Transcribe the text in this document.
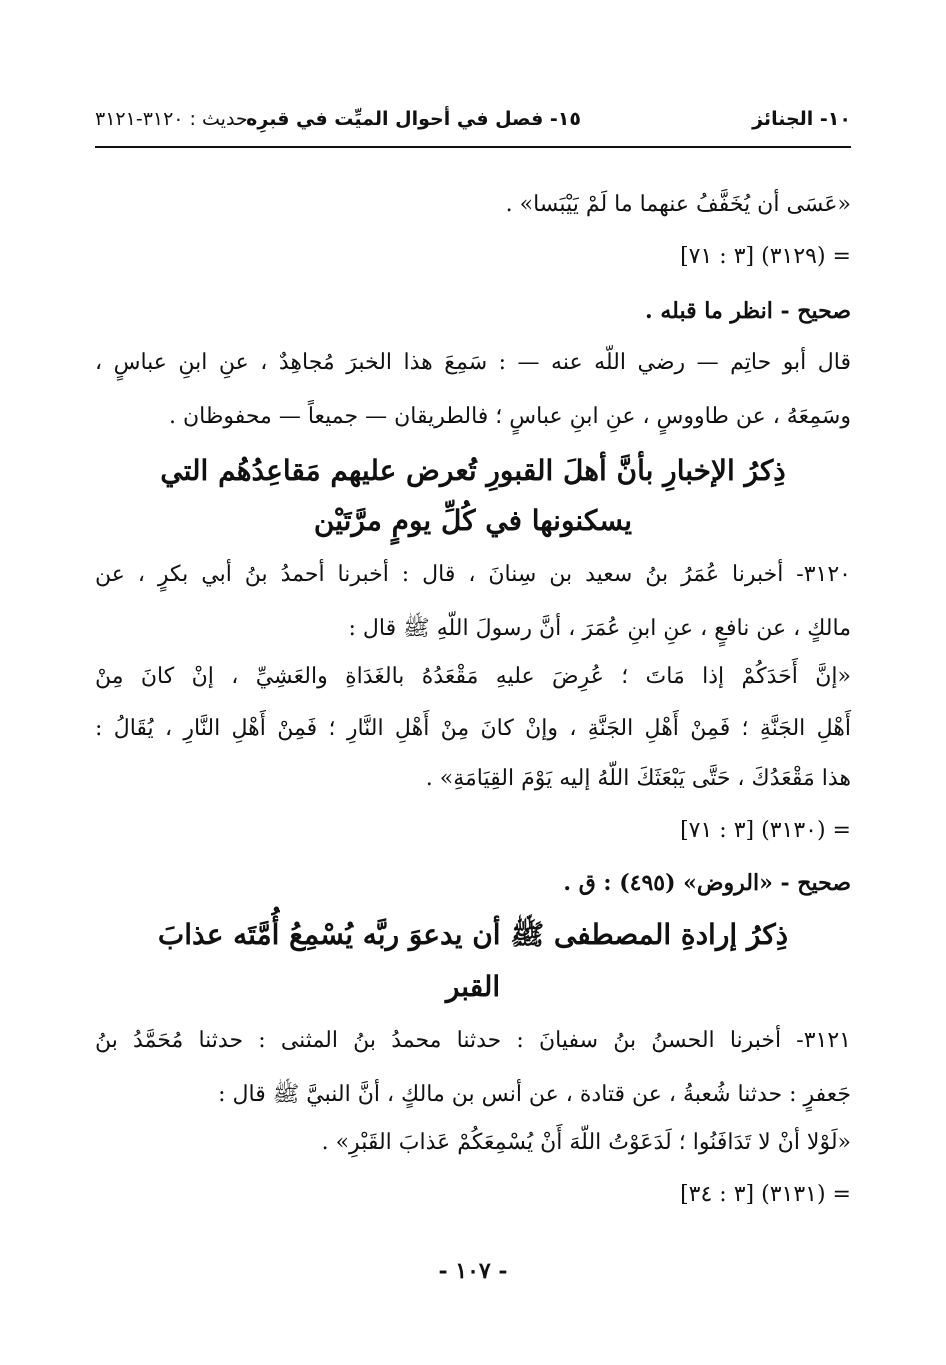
١٠- الجنائز
١٥- فصل في أحوال الميِّت في قبرِه
حديث : ٣١٢٠-٣١٢١
«عَسَى أن يُخَفَّفُ عنهما ما لَمْ يَيْبَسا» .
= (٣١٢٩) [٣ : ٧١]
صحيح - انظر ما قبله .
قال أبو حاتِم — رضي اللّه عنه — : سَمِعَ هذا الخبرَ مُجاهِدٌ ، عنِ ابنِ عباسٍ ،
وسَمِعَهُ ، عن طاووسٍ ، عنِ ابنِ عباسٍ ؛ فالطريقان — جميعاً — محفوظان .
ذِكرُ الإخبارِ بأنَّ أهلَ القبورِ تُعرض عليهم مَقاعِدُهُم التي
يسكنونها في كُلِّ يومٍ مرَّتَيْن
٣١٢٠- أخبرنا عُمَرُ بنُ سعيد بن سِنانَ ، قال : أخبرنا أحمدُ بنُ أبي بكرٍ ، عن
مالكٍ ، عن نافعٍ ، عنِ ابنِ عُمَرَ ، أنَّ رسولَ اللّهِ ﷺ قال :
«إنَّ أَحَدَكُمْ إذا مَاتَ ؛ عُرِضَ عليهِ مَقْعَدُهُ بالغَدَاةِ والعَشِيِّ ، إنْ كانَ مِنْ
أَهْلِ الجَنَّةِ ؛ فَمِنْ أَهْلِ الجَنَّةِ ، وإنْ كانَ مِنْ أَهْلِ النَّارِ ؛ فَمِنْ أَهْلِ النَّارِ ، يُقَالُ :
هذا مَقْعَدُكَ ، حَتَّى يَبْعَثَكَ اللّهُ إليه يَوْمَ القِيَامَةِ» .
= (٣١٣٠) [٣ : ٧١]
صحيح - «الروض» (٤٩٥) : ق .
ذِكرُ إرادةِ المصطفى ﷺ أن يدعوَ ربَّه يُسْمِعُ أُمَّتَه عذابَ
القبر
٣١٢١- أخبرنا الحسنُ بنُ سفيانَ : حدثنا محمدُ بنُ المثنى : حدثنا مُحَمَّدُ بنُ
جَعفرٍ : حدثنا شُعبةُ ، عن قتادة ، عن أنس بن مالكٍ ، أنَّ النبيَّ ﷺ قال :
«لَوْلا أنْ لا تَدَافَنُوا ؛ لَدَعَوْتُ اللّهَ أَنْ يُسْمِعَكُمْ عَذابَ القَبْرِ» .
= (٣١٣١) [٣ : ٣٤]
- ١٠٧ -
